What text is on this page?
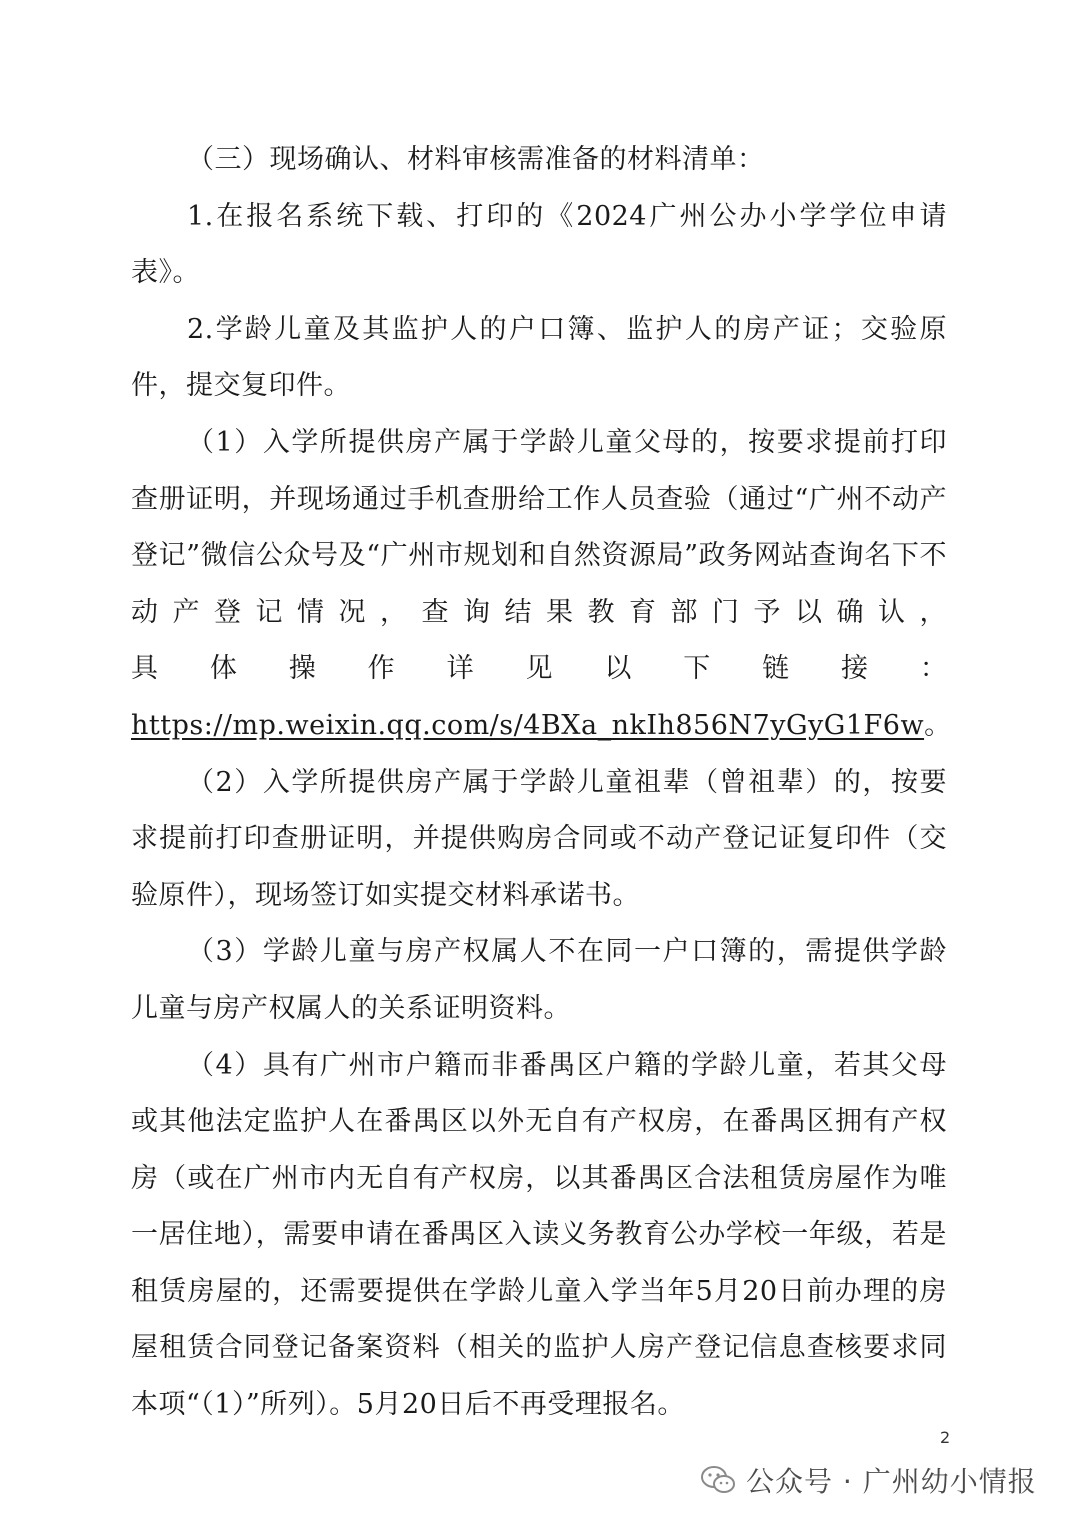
（三）现场确认、材料审核需准备的材料清单：

1.在报名系统下载、打印的《2024广州公办小学学位申请表》。

2.学龄儿童及其监护人的户口簿、监护人的房产证；交验原件，提交复印件。

（1）入学所提供房产属于学龄儿童父母的，按要求提前打印查册证明，并现场通过手机查册给工作人员查验（通过“广州不动产登记”微信公众号及“广州市规划和自然资源局”政务网站查询名下不动产登记情况，查询结果教育部门予以确认，

具 体 操 作 详 见 以 下 链 接 ：

https://mp.weixin.qq.com/s/4BXa_nkIh856N7yGyG1F6w。

（2）入学所提供房产属于学龄儿童祖辈（曾祖辈）的，按要求提前打印查册证明，并提供购房合同或不动产登记证复印件（交验原件），现场签订如实提交材料承诺书。

（3）学龄儿童与房产权属人不在同一户口簿的，需提供学龄儿童与房产权属人的关系证明资料。

（4）具有广州市户籍而非番禺区户籍的学龄儿童，若其父母或其他法定监护人在番禺区以外无自有产权房，在番禺区拥有产权房（或在广州市内无自有产权房，以其番禺区合法租赁房屋作为唯一居住地），需要申请在番禺区入读义务教育公办学校一年级，若是租赁房屋的，还需要提供在学龄儿童入学当年5月20日前办理的房屋租赁合同登记备案资料（相关的监护人房产登记信息查核要求同本项“（1）”所列）。5月20日后不再受理报名。

2
公众号 · 广州幼小情报
